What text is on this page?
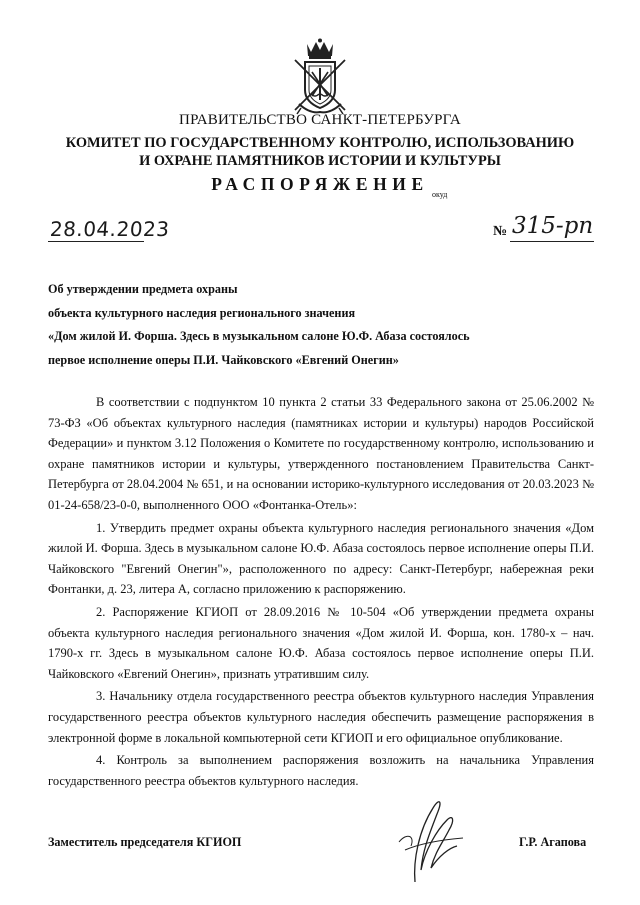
ПРАВИТЕЛЬСТВО САНКТ-ПЕТЕРБУРГА
КОМИТЕТ ПО ГОСУДАРСТВЕННОМУ КОНТРОЛЮ, ИСПОЛЬЗОВАНИЮ
И ОХРАНЕ ПАМЯТНИКОВ ИСТОРИИ И КУЛЬТУРЫ
РАСПОРЯЖЕНИЕ
окуд
28.04.2023	№ 315-рп
Об утверждении предмета охраны
объекта культурного наследия регионального значения
«Дом жилой И. Форша. Здесь в музыкальном салоне Ю.Ф. Абаза состоялось
первое исполнение оперы П.И. Чайковского «Евгений Онегин»

В соответствии с подпунктом 10 пункта 2 статьи 33 Федерального закона от 25.06.2002 № 73-ФЗ «Об объектах культурного наследия (памятниках истории и культуры) народов Российской Федерации» и пунктом 3.12 Положения о Комитете по государственному контролю, использованию и охране памятников истории и культуры, утвержденного постановлением Правительства Санкт-Петербурга от 28.04.2004 № 651, и на основании историко-культурного исследования от 20.03.2023 № 01-24-658/23-0-0, выполненного ООО «Фонтанка-Отель»:

1. Утвердить предмет охраны объекта культурного наследия регионального значения «Дом жилой И. Форша. Здесь в музыкальном салоне Ю.Ф. Абаза состоялось первое исполнение оперы П.И. Чайковского "Евгений Онегин"», расположенного по адресу: Санкт-Петербург, набережная реки Фонтанки, д. 23, литера А, согласно приложению к распоряжению.

2. Распоряжение КГИОП от 28.09.2016 № 10-504 «Об утверждении предмета охраны объекта культурного наследия регионального значения «Дом жилой И. Форша, кон. 1780-х – нач. 1790-х гг. Здесь в музыкальном салоне Ю.Ф. Абаза состоялось первое исполнение оперы П.И. Чайковского «Евгений Онегин», признать утратившим силу.

3. Начальнику отдела государственного реестра объектов культурного наследия Управления государственного реестра объектов культурного наследия обеспечить размещение распоряжения в электронной форме в локальной компьютерной сети КГИОП и его официальное опубликование.

4. Контроль за выполнением распоряжения возложить на начальника Управления государственного реестра объектов культурного наследия.

Заместитель председателя КГИОП	Г.Р. Агапова
